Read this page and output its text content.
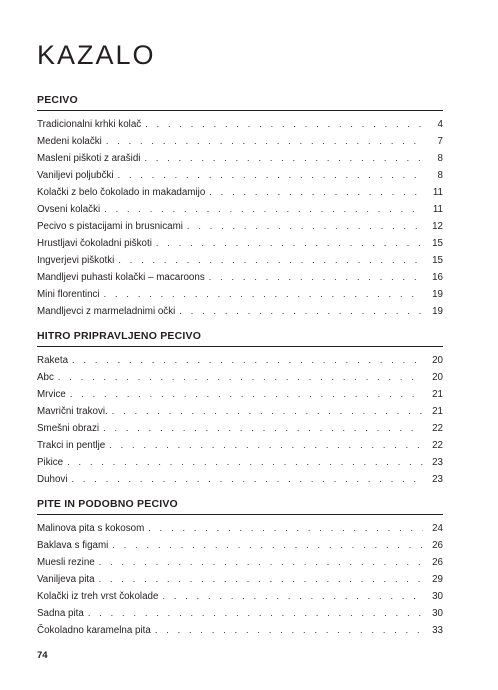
KAZALO
PECIVO
Tradicionalni krhki kolač . . .	4
Medeni kolački . . .	7
Masleni piškoti z arašidi . . .	8
Vaniljevi poljubčki . . .	8
Kolački z belo čokolado in makadamijo . . .	11
Ovseni kolački . . .	11
Pecivo s pistacijami in brusnicami . . .	12
Hrustljavi čokoladni piškoti . . .	15
Ingverjevi piškotki . . .	15
Mandljevi puhasti kolački – macaroons . . .	16
Mini florentinci . . .	19
Mandljevci z marmeladnimi očki . . .	19
HITRO PRIPRAVLJENO PECIVO
Raketa . . .	20
Abc . . .	20
Mrvice . . .	21
Mavrični trakovi. . . .	21
Smešni obrazi . . .	22
Trakci in pentlje . . .	22
Pikice . . .	23
Duhovi . . .	23
PITE IN PODOBNO PECIVO
Malinova pita s kokosom . . .	24
Baklava s figami . . .	26
Muesli rezine . . .	26
Vaniljeva pita . . .	29
Kolački iz treh vrst čokolade . . .	30
Sadna pita . . .	30
Čokoladno karamelna pita . . .	33
74
